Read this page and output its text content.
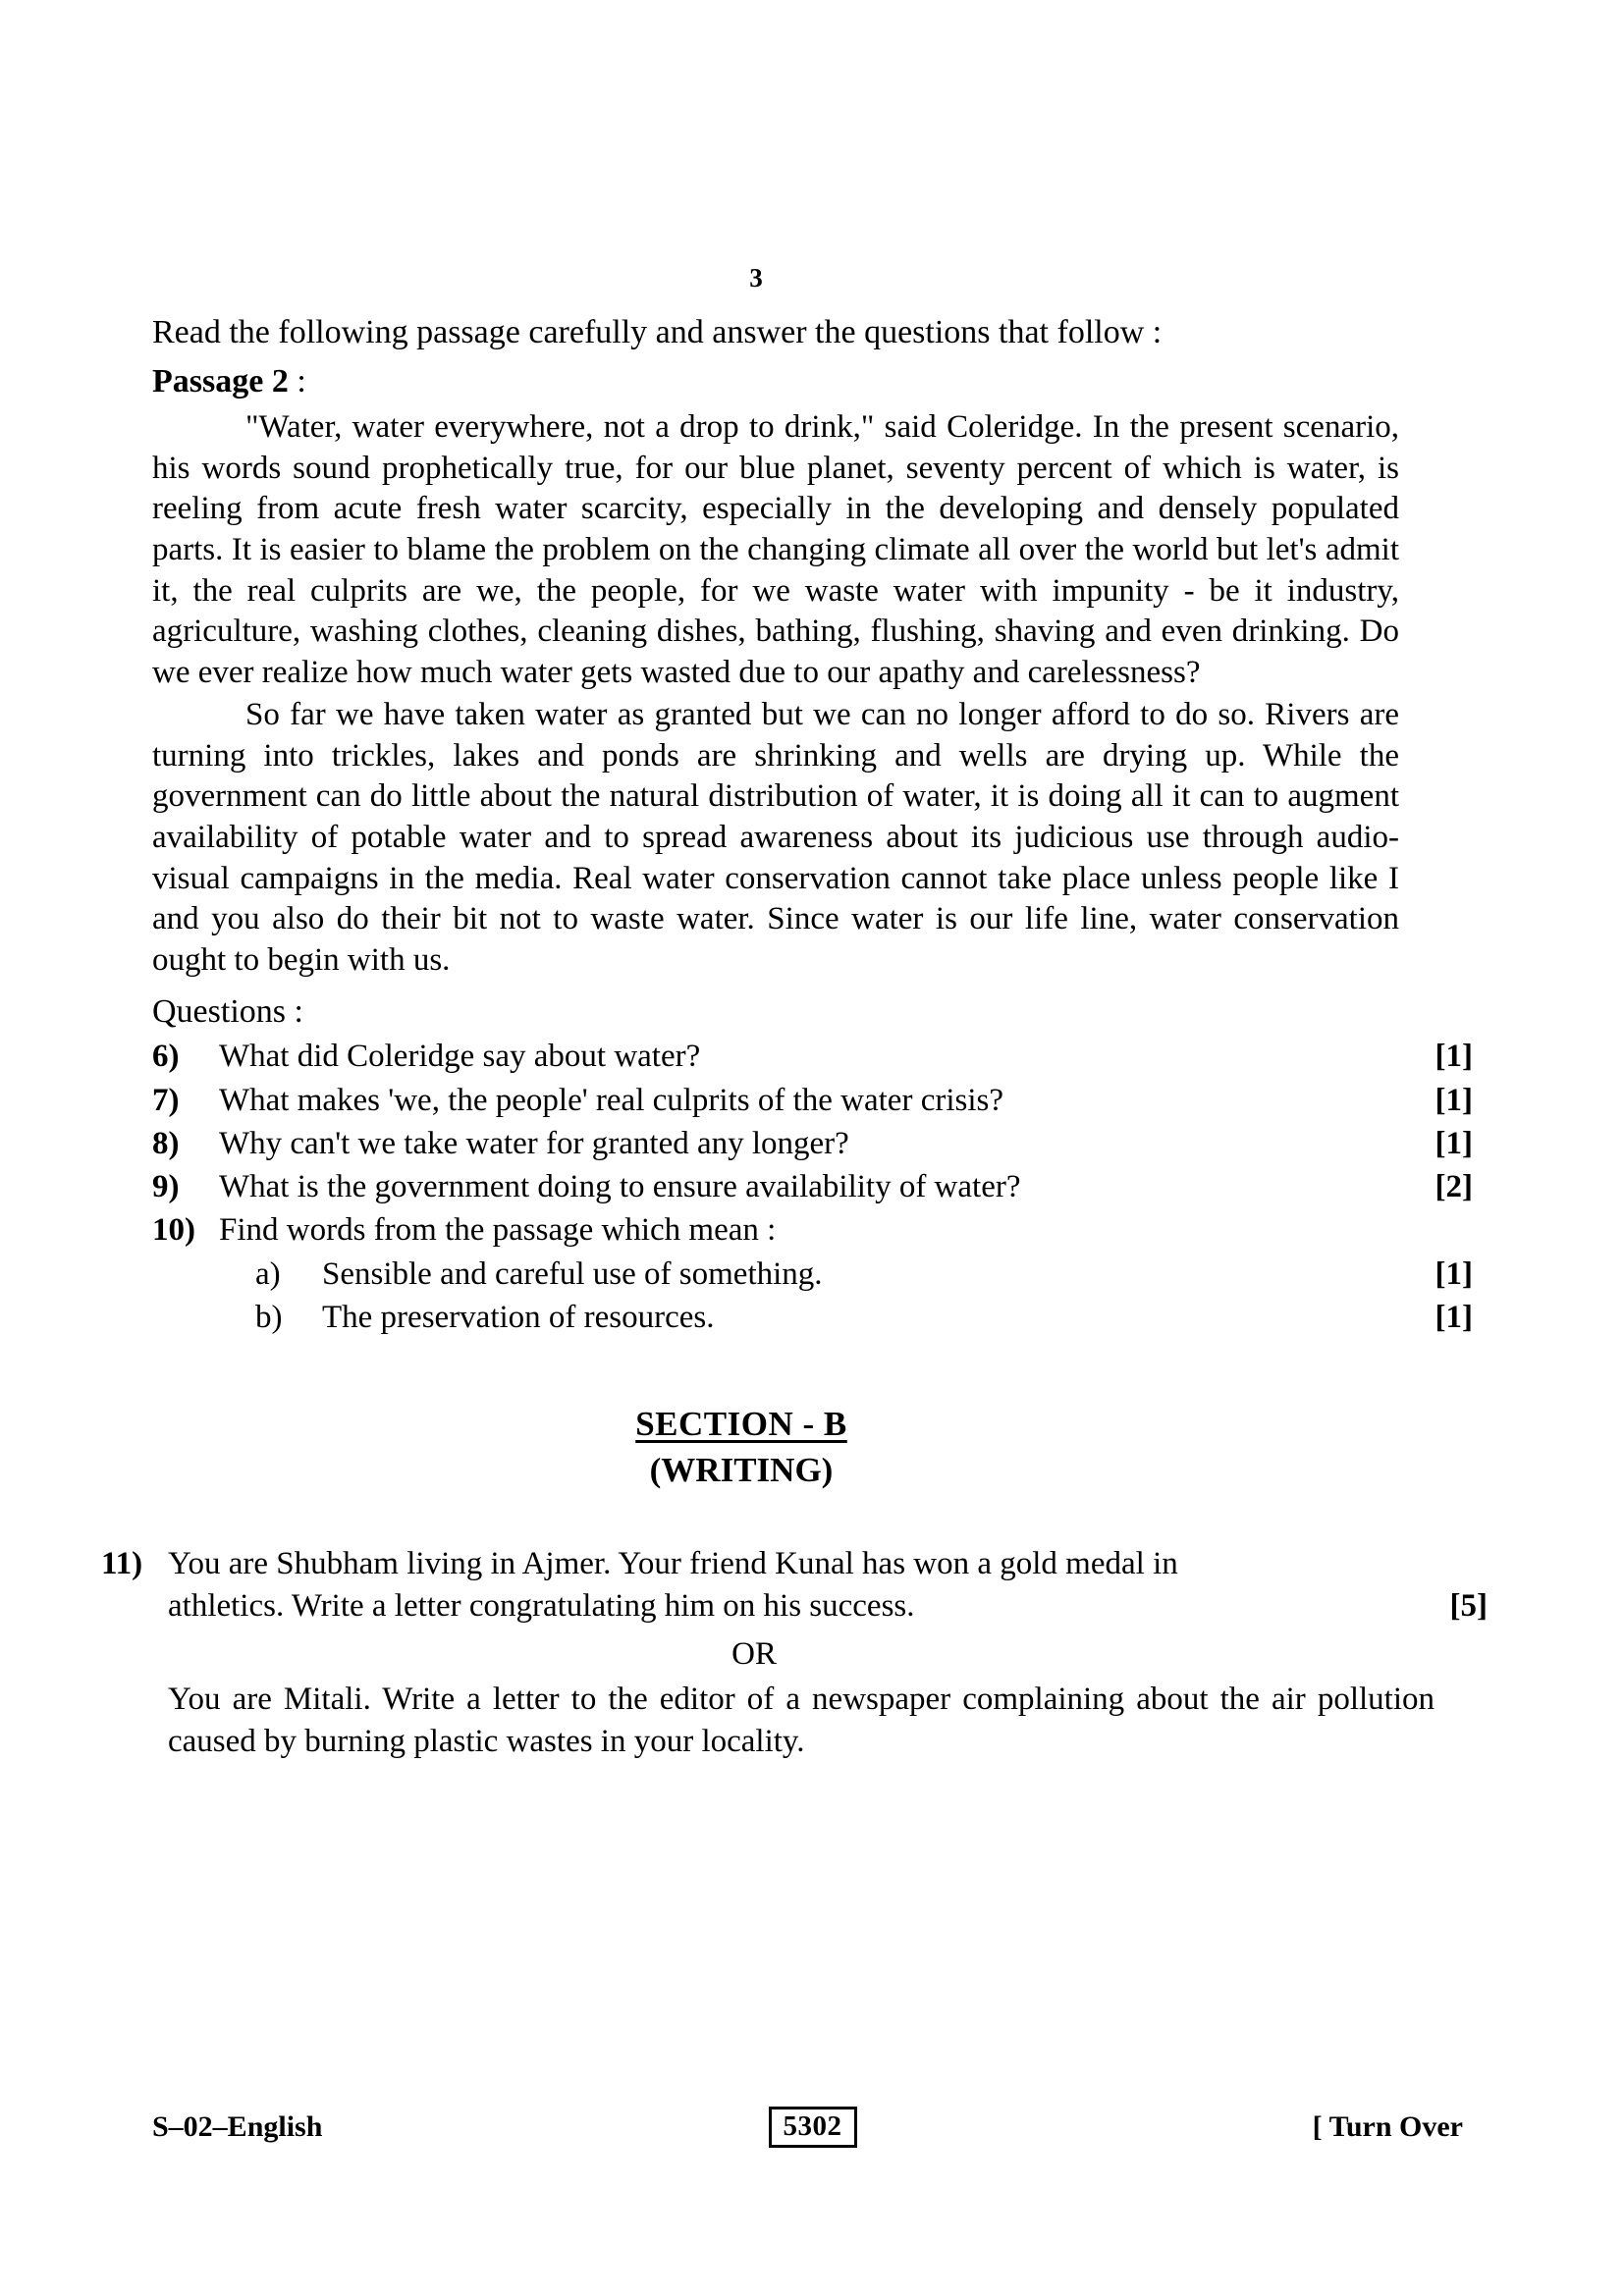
3
Read the following passage carefully and answer the questions that follow :
Passage 2 :

"Water, water everywhere, not a drop to drink," said Coleridge. In the present scenario, his words sound prophetically true, for our blue planet, seventy percent of which is water, is reeling from acute fresh water scarcity, especially in the developing and densely populated parts. It is easier to blame the problem on the changing climate all over the world but let's admit it, the real culprits are we, the people, for we waste water with impunity - be it industry, agriculture, washing clothes, cleaning dishes, bathing, flushing, shaving and even drinking. Do we ever realize how much water gets wasted due to our apathy and carelessness?

So far we have taken water as granted but we can no longer afford to do so. Rivers are turning into trickles, lakes and ponds are shrinking and wells are drying up. While the government can do little about the natural distribution of water, it is doing all it can to augment availability of potable water and to spread awareness about its judicious use through audio-visual campaigns in the media. Real water conservation cannot take place unless people like I and you also do their bit not to waste water. Since water is our life line, water conservation ought to begin with us.

Questions :
6)	What did Coleridge say about water?	[1]
7)	What makes 'we, the people' real culprits of the water crisis?	[1]
8)	Why can't we take water for granted any longer?	[1]
9)	What is the government doing to ensure availability of water?	[2]
10) Find words from the passage which mean :
a)	Sensible and careful use of something.	[1]
b)	The preservation of resources.	[1]
SECTION - B
(WRITING)
11) You are Shubham living in Ajmer. Your friend Kunal has won a gold medal in
athletics. Write a letter congratulating him on his success.	[5]
OR

You are Mitali. Write a letter to the editor of a newspaper complaining about the air pollution caused by burning plastic wastes in your locality.

S–02–English	5302	[ Turn Over
